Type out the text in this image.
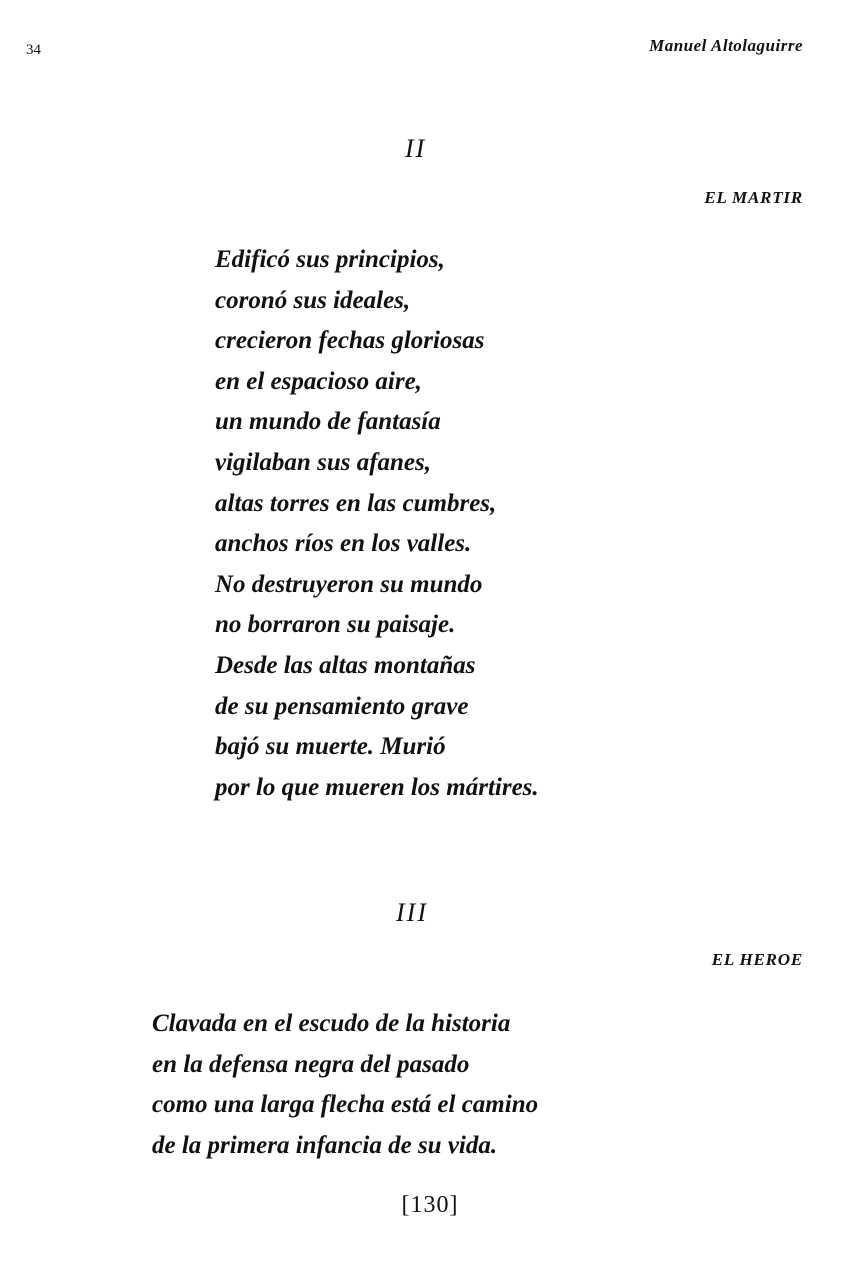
34	Manuel Altolaguirre
II
EL MARTIR
Edificó sus principios,
coronó sus ideales,
crecieron fechas gloriosas
en el espacioso aire,
un mundo de fantasía
vigilaban sus afanes,
altas torres en las cumbres,
anchos ríos en los valles.
No destruyeron su mundo
no borraron su paisaje.
Desde las altas montañas
de su pensamiento grave
bajó su muerte. Murió
por lo que mueren los mártires.
III
EL HEROE
Clavada en el escudo de la historia
en la defensa negra del pasado
como una larga flecha está el camino
de la primera infancia de su vida.
[130]
